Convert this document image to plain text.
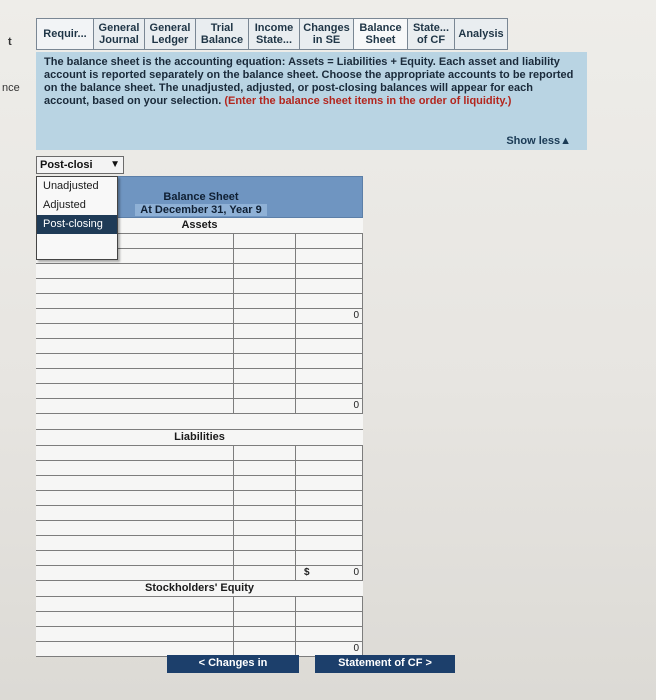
t
nce
Requir... General
Journal
General
Ledger
Trial
Balance
Income
State...
Changes
in SE
Balance
Sheet
State...
of CF	Analysis
The balance sheet is the accounting equation: Assets = Liabilities + Equity. Each asset and liability account is reported separately on the balance sheet. Choose the appropriate accounts to be reported on the balance sheet. The unadjusted, adjusted, or post-closing balances will appear for each account, based on your selection. (Enter the balance sheet items in the order of liquidity.)
Show less▲
Post-closi ▼
Unadjusted
Adjusted
Post-closing
Balance Sheet
At December 31, Year 9
Assets
0
0
Liabilities
$	0
Stockholders' Equity
0
< Changes in	Statement of CF >
